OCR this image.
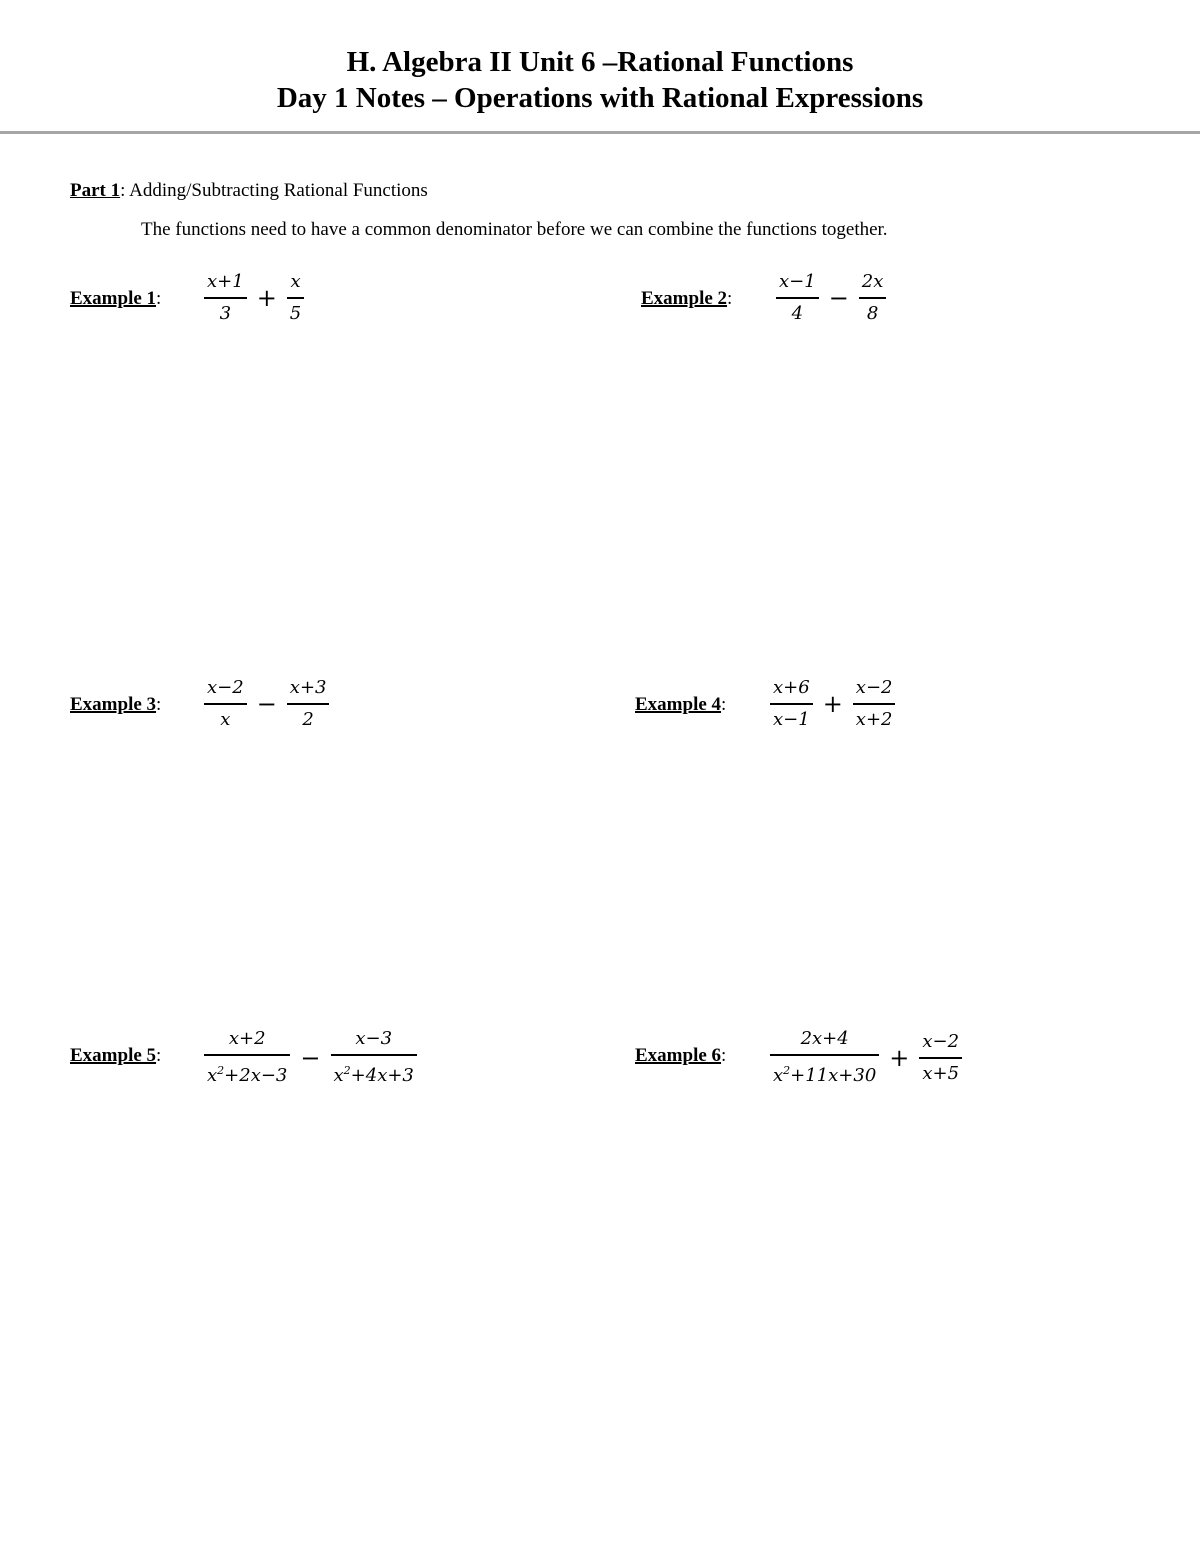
H. Algebra II Unit 6 –Rational Functions
Day 1 Notes – Operations with Rational Expressions
Part 1: Adding/Subtracting Rational Functions
The functions need to have a common denominator before we can combine the functions together.
Example 1: $\frac{x+1}{3} + \frac{x}{5}$	Example 2: $\frac{x-1}{4} - \frac{2x}{8}$
Example 3: $\frac{x-2}{x} - \frac{x+3}{2}$	Example 4: $\frac{x+6}{x-1} + \frac{x-2}{x+2}$
Example 5: $\frac{x+2}{x^2+2x-3} - \frac{x-3}{x^2+4x+3}$	Example 6: $\frac{2x+4}{x^2+11x+30} + \frac{x-2}{x+5}$
